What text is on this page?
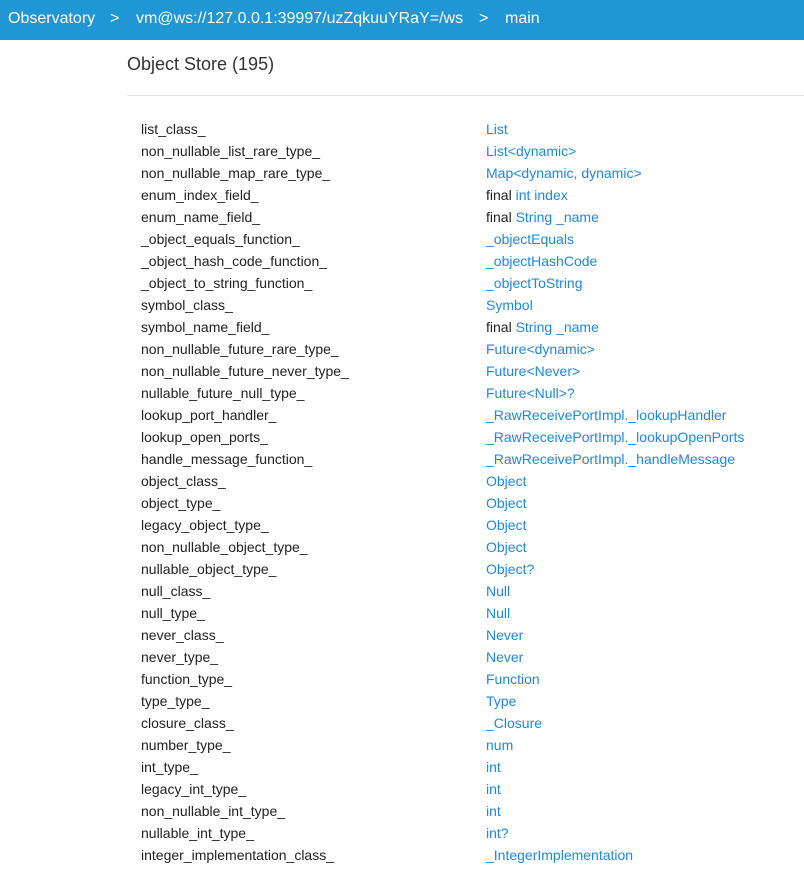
Observatory > vm@ws://127.0.0.1:39997/uzZqkuuYRaY=/ws > main
Object Store (195)
list_class_	List
non_nullable_list_rare_type_	List<dynamic>
non_nullable_map_rare_type_	Map<dynamic, dynamic>
enum_index_field_	final int index
enum_name_field_	final String _name
_object_equals_function_	_objectEquals
_object_hash_code_function_	_objectHashCode
_object_to_string_function_	_objectToString
symbol_class_	Symbol
symbol_name_field_	final String _name
non_nullable_future_rare_type_	Future<dynamic>
non_nullable_future_never_type_	Future<Never>
nullable_future_null_type_	Future<Null>?
lookup_port_handler_	_RawReceivePortImpl._lookupHandler
lookup_open_ports_	_RawReceivePortImpl._lookupOpenPorts
handle_message_function_	_RawReceivePortImpl._handleMessage
object_class_	Object
object_type_	Object
legacy_object_type_	Object
non_nullable_object_type_	Object
nullable_object_type_	Object?
null_class_	Null
null_type_	Null
never_class_	Never
never_type_	Never
function_type_	Function
type_type_	Type
closure_class_	_Closure
number_type_	num
int_type_	int
legacy_int_type_	int
non_nullable_int_type_	int
nullable_int_type_	int?
integer_implementation_class_	_IntegerImplementation
